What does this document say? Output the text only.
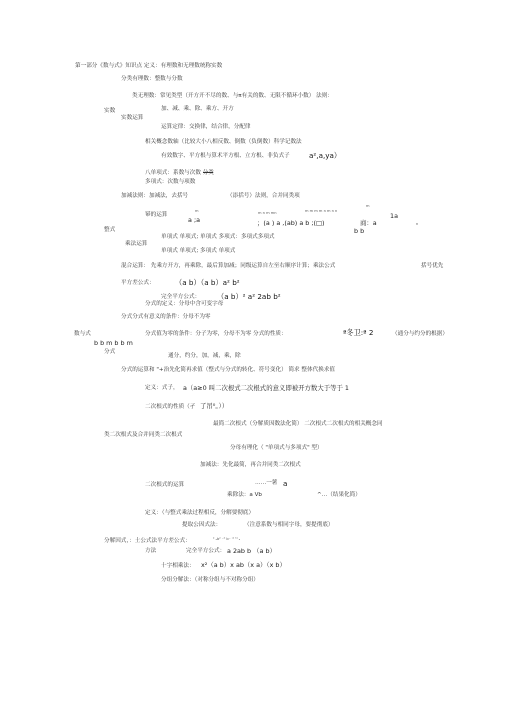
第一部分《数与式》知识点 定义：有理数和无理数统称实数
分类有理数：整数与分数
实数
实数运算
类无理数：常见类型（开方开不尽的数、与π有关的数、无限不循环小数） 法则：
加、减、乘、除、乘方、开方
运算定律：交换律，结合律，分配律
相关概念数轴（比较大小八相反数、倒数（负倒数）科学记数法
有效数字、平方根与算术平方根、立方根、非负式子	a²,a,ya）
八单项式：系数与次数 分类
多项式：次数与项数
加减法则：加减法，去括号	（添括号）法则，合并同类项
m	m n m mn	m m m m n m n n
m
幂的运算
a ;a	；(a ) a ,(ab) a b ;(□)	商：a
1a
n
b b
整式
单项式 单项式; 单项式 多项式：多项式多项式
乘法运算
单项式 单项式; 多项式 单项式
混合运算： 先乘方开方，再乘除，最后算加减；同级运算自左至右顺序计算；乘法公式	括号优先
平方差公式：	（a b）（a b）a² b²
完全平方公式： （a b）² a² 2ab b²
分式的定义：分母中含可变字母
分式分式有意义的条件：分母不为零
数与式	分式值为零的条件：分子为零，分母不为零 分式的性质：	ª冬卫:ª 2	（通分与约分的根据）
b b m b b m
分式
通分，约分，加，减，乘，除
分式的运算和 "+治先化简再求值（整式与分式的转化、符号变化） 简求 整体代换求值
定义：式子， a（a≥0 叫二次根式二次根式的意义即被开方数大于等于 1
二次根式的性质（孑 了吊⁰。））
最简二次根式（分解质因数法化简） 二次根式二次根式的相关概念同
类二次根式及合并同类二次根式
分母有理化（ "单项式与多项式" 型）
加减法：先化最简，再合并同类二次根式
二次根式的运算	……一薯 a
乘除法：a Vb	^…（结果化简）
定义：（与整式乘法过程相反，分解要彻底）
提取公因式法：	（注意系数与相同字母，要提彻底）
分解因式，：土公式法平方差公式：	² ₐb² ⁻ᵇ b⁻ ᶦᵃ ᵇ⁾ ₐ
方法	完全平方公式： a 2ab b （a b）
十字相乘法： x²（a b）x ab（x a）（x b）
分组分解法：（对称分组与不对称分组）
